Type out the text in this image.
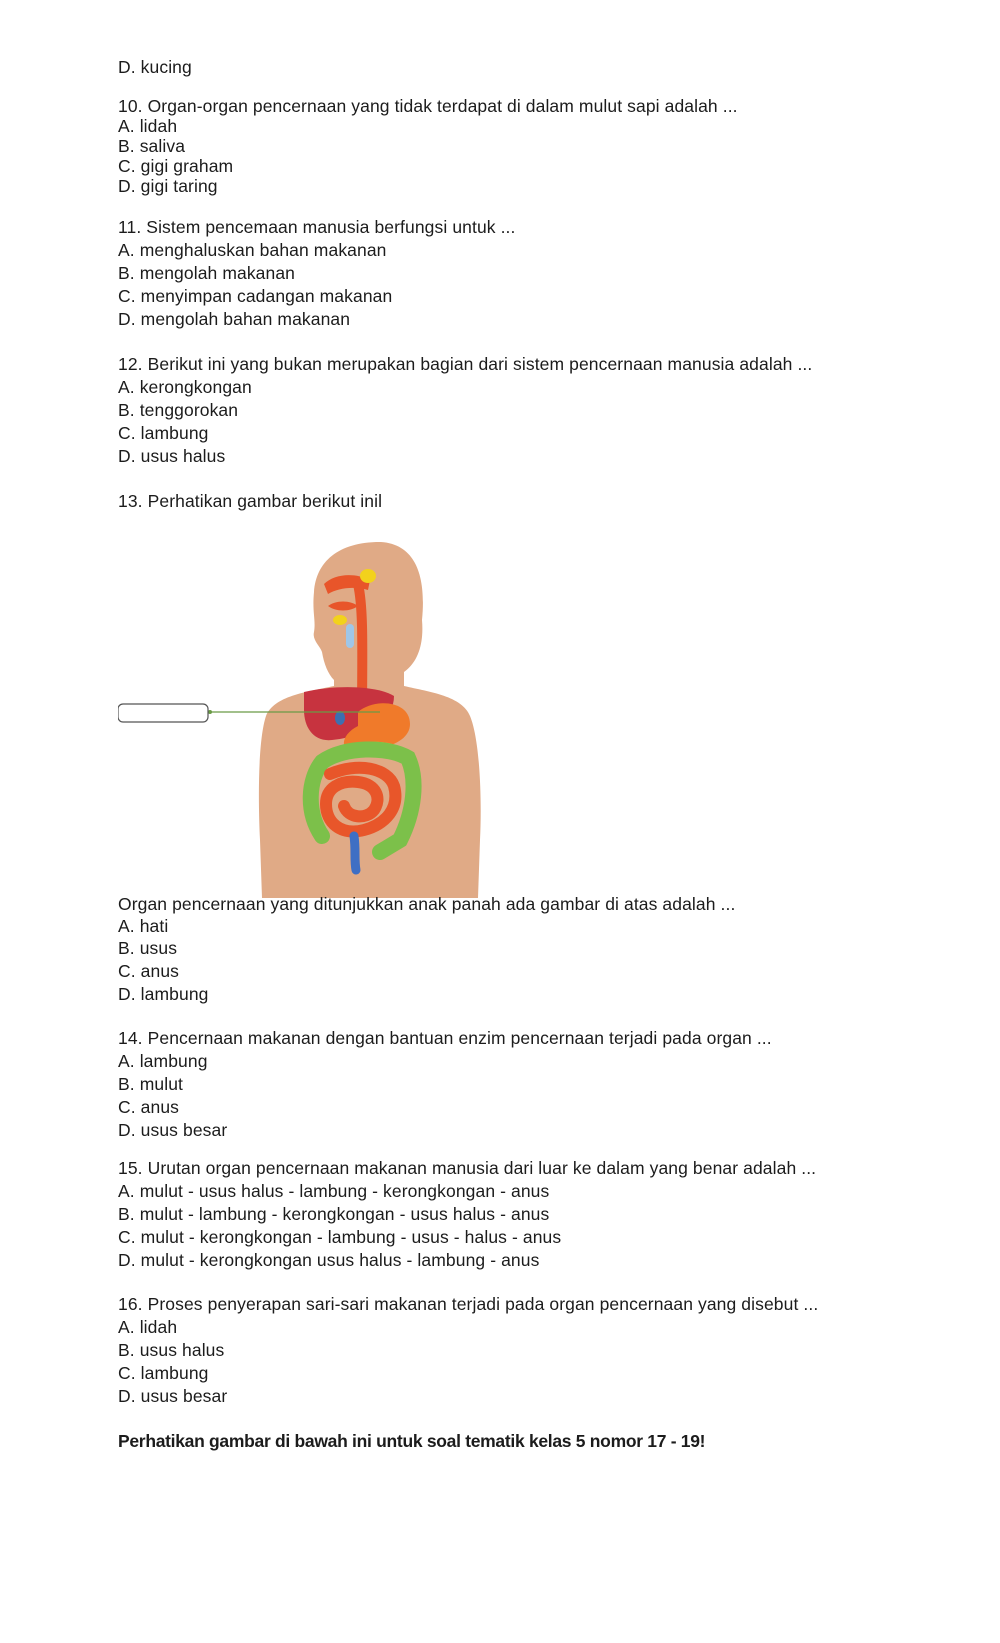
D. kucing
10. Organ-organ pencernaan yang tidak terdapat di dalam mulut sapi adalah ...
A. lidah
B. saliva
C. gigi graham
D. gigi taring
11. Sistem pencemaan manusia berfungsi untuk ...
A. menghaluskan bahan makanan
B. mengolah makanan
C. menyimpan cadangan makanan
D. mengolah bahan makanan
12. Berikut ini yang bukan merupakan bagian dari sistem pencernaan manusia adalah ...
A. kerongkongan
B. tenggorokan
C. lambung
D. usus halus
13. Perhatikan gambar berikut inil
Organ pencernaan yang ditunjukkan anak panah ada gambar di atas adalah ...
A. hati
B. usus
C. anus
D. lambung
14. Pencernaan makanan dengan bantuan enzim pencernaan terjadi pada organ ...
A. lambung
B. mulut
C. anus
D. usus besar
15. Urutan organ pencernaan makanan manusia dari luar ke dalam yang benar adalah ...
A. mulut - usus halus - lambung - kerongkongan - anus
B. mulut - lambung - kerongkongan - usus halus - anus
C. mulut - kerongkongan - lambung - usus - halus - anus
D. mulut - kerongkongan usus halus - lambung - anus
16. Proses penyerapan sari-sari makanan terjadi pada organ pencernaan yang disebut ...
A. lidah
B. usus halus
C. lambung
D. usus besar
Perhatikan gambar di bawah ini untuk soal tematik kelas 5 nomor 17 - 19!
